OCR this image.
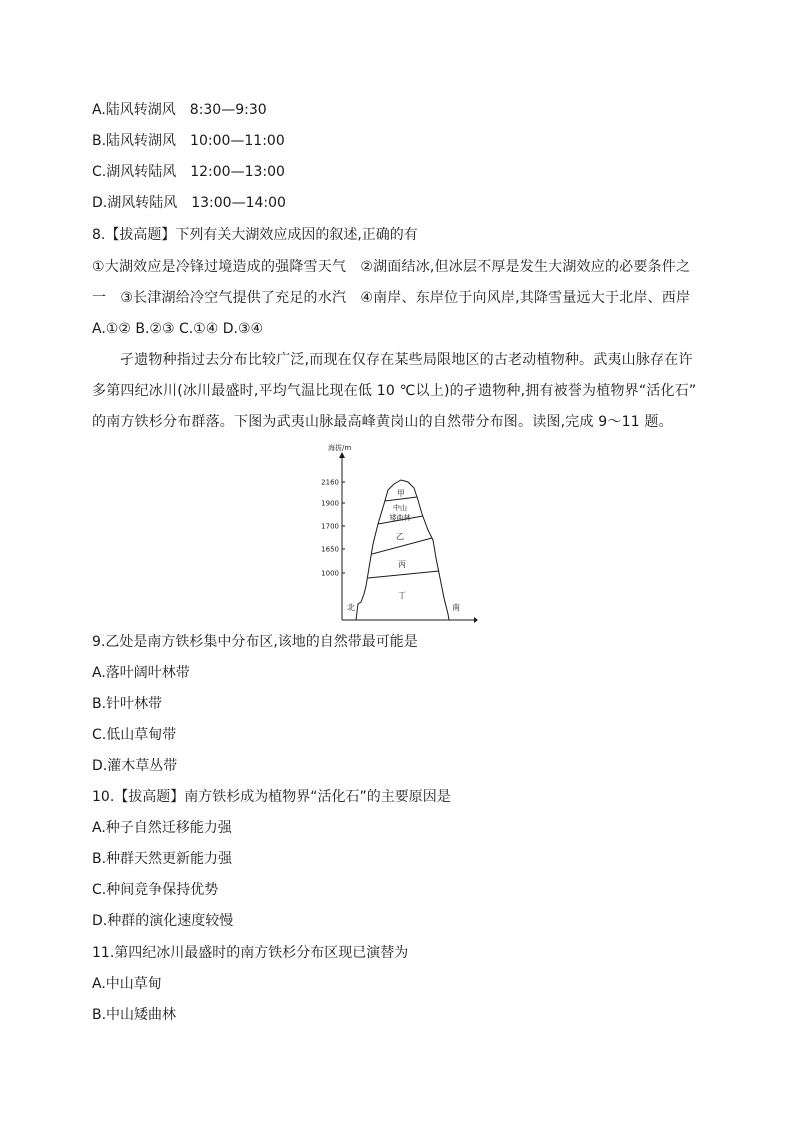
A.陆风转湖风　8:30—9:30
B.陆风转湖风　10:00—11:00
C.湖风转陆风　12:00—13:00
D.湖风转陆风　13:00—14:00
8.【拔高题】下列有关大湖效应成因的叙述,正确的有
①大湖效应是冷锋过境造成的强降雪天气　②湖面结冰,但冰层不厚是发生大湖效应的必要条件之
一　③长津湖给冷空气提供了充足的水汽　④南岸、东岸位于向风岸,其降雪量远大于北岸、西岸
A.①② B.②③ C.①④ D.③④
孑遗物种指过去分布比较广泛,而现在仅存在某些局限地区的古老动植物种。武夷山脉存在许
多第四纪冰川(冰川最盛时,平均气温比现在低 10 ℃以上)的孑遗物种,拥有被誉为植物界“活化石”
的南方铁杉分布群落。下图为武夷山脉最高峰黄岗山的自然带分布图。读图,完成 9～11 题。
海拔/m
2160
1900
1700
1650
1000
甲
中山
矮曲林
乙
丙
丁
北	南
9.乙处是南方铁杉集中分布区,该地的自然带最可能是
A.落叶阔叶林带
B.针叶林带
C.低山草甸带
D.灌木草丛带
10.【拔高题】南方铁杉成为植物界“活化石”的主要原因是
A.种子自然迁移能力强
B.种群天然更新能力强
C.种间竞争保持优势
D.种群的演化速度较慢
11.第四纪冰川最盛时的南方铁杉分布区现已演替为
A.中山草甸
B.中山矮曲林
